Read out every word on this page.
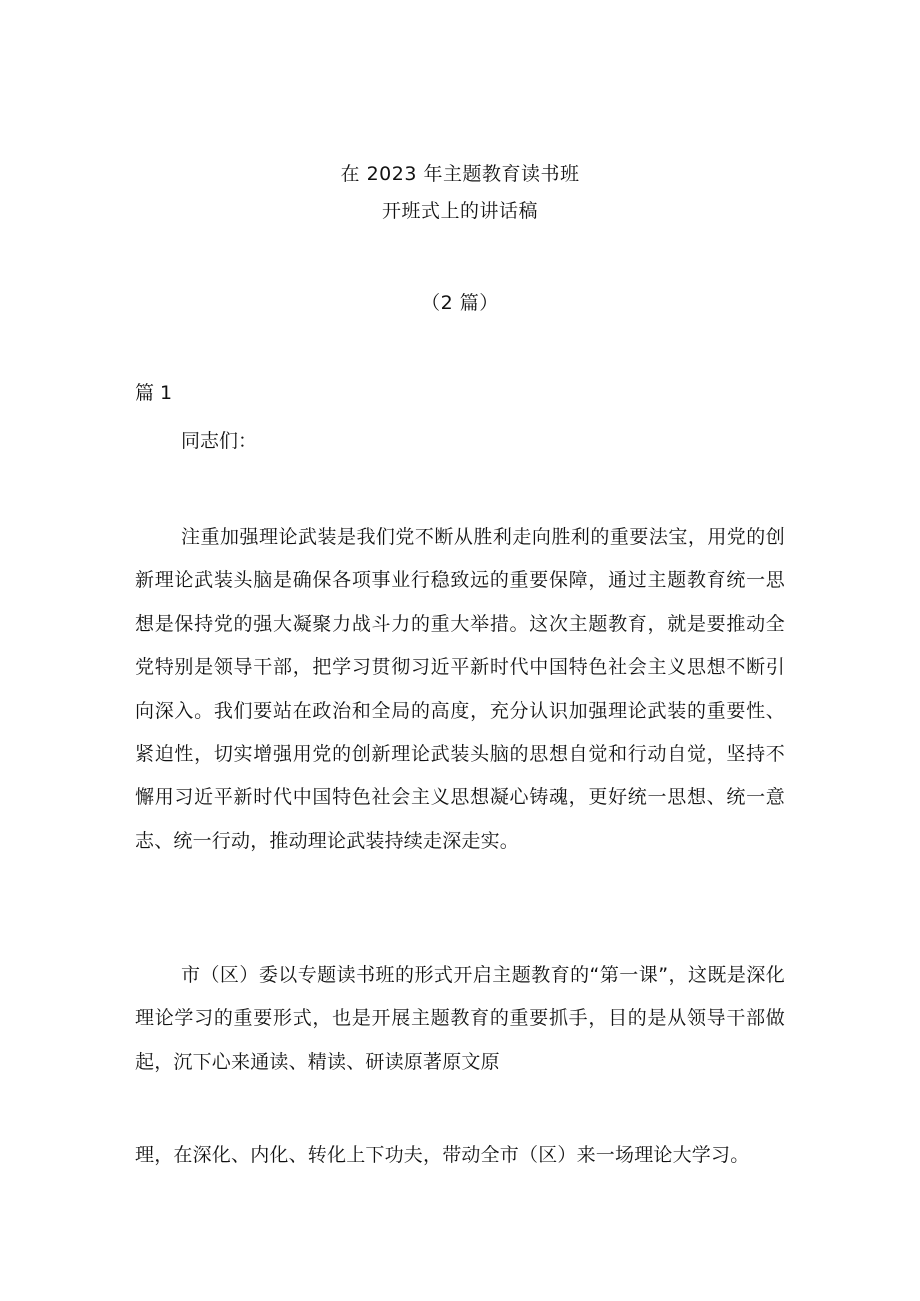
在 2023 年主题教育读书班
开班式上的讲话稿
（2 篇）
篇 1
同志们：
注重加强理论武装是我们党不断从胜利走向胜利的重要法宝，用党的创新理论武装头脑是确保各项事业行稳致远的重要保障，通过主题教育统一思想是保持党的强大凝聚力战斗力的重大举措。这次主题教育，就是要推动全党特别是领导干部，把学习贯彻习近平新时代中国特色社会主义思想不断引向深入。我们要站在政治和全局的高度，充分认识加强理论武装的重要性、紧迫性，切实增强用党的创新理论武装头脑的思想自觉和行动自觉，坚持不懈用习近平新时代中国特色社会主义思想凝心铸魂，更好统一思想、统一意志、统一行动，推动理论武装持续走深走实。
市（区）委以专题读书班的形式开启主题教育的“第一课”，这既是深化理论学习的重要形式，也是开展主题教育的重要抓手，目的是从领导干部做起，沉下心来通读、精读、研读原著原文原
理，在深化、内化、转化上下功夫，带动全市（区）来一场理论大学习。
